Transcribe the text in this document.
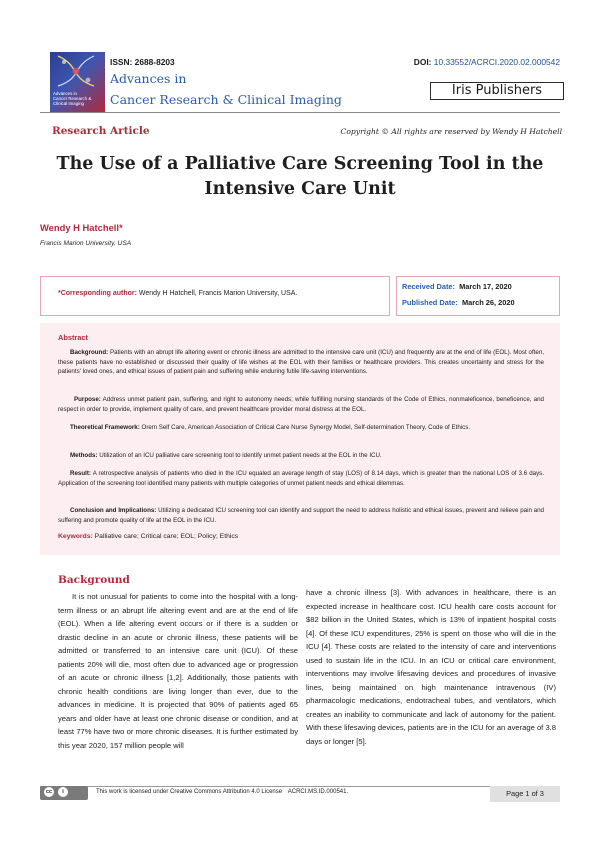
Advances in
Cancer Research &
Clinical Imaging
ISSN: 2688-8203	DOI: 10.33552/ACRCI.2020.02.000542
Advances in
Cancer Research & Clinical Imaging
Iris Publishers
Research Article	Copyright © All rights are reserved by Wendy H Hatchell
The Use of a Palliative Care Screening Tool in the
Intensive Care Unit
Wendy H Hatchell*
Francis Marion University, USA
*Corresponding author: Wendy H Hatchell, Francis Marion University, USA.
Received Date: March 17, 2020
Published Date: March 26, 2020
Abstract
Background: Patients with an abrupt life altering event or chronic illness are admitted to the intensive care unit (ICU) and frequently are at the end of life (EOL). Most often, these patients have no established or discussed their quality of life wishes at the EOL with their families or healthcare providers. This creates uncertainty and stress for the patients' loved ones, and ethical issues of patient pain and suffering while enduring futile life-saving interventions.
Purpose: Address unmet patient pain, suffering, and right to autonomy needs; while fulfilling nursing standards of the Code of Ethics, nonmaleficence, beneficence, and respect in order to provide, implement quality of care, and prevent healthcare provider moral distress at the EOL.
Theoretical Framework: Orem Self Care, American Association of Critical Care Nurse Synergy Model, Self-determination Theory, Code of Ethics.
Methods: Utilization of an ICU palliative care screening tool to identify unmet patient needs at the EOL in the ICU.
Result: A retrospective analysis of patients who died in the ICU equaled an average length of stay (LOS) of 8.14 days, which is greater than the national LOS of 3.6 days. Application of the screening tool identified many patients with multiple categories of unmet patient needs and ethical dilemmas.
Conclusion and Implications: Utilizing a dedicated ICU screening tool can identify and support the need to address holistic and ethical issues, prevent and relieve pain and suffering and promote quality of life at the EOL in the ICU.
Keywords: Palliative care; Critical care; EOL; Policy; Ethics
Background

It is not unusual for patients to come into the hospital with a long-term illness or an abrupt life altering event and are at the end of life (EOL). When a life altering event occurs or if there is a sudden or drastic decline in an acute or chronic illness, these patients will be admitted or transferred to an intensive care unit (ICU). Of these patients 20% will die, most often due to advanced age or progression of an acute or chronic illness [1,2]. Additionally, those patients with chronic health conditions are living longer than ever, due to the advances in medicine. It is projected that 90% of patients aged 65 years and older have at least one chronic disease or condition, and at least 77% have two or more chronic diseases. It is further estimated by this year 2020, 157 million people will

have a chronic illness [3]. With advances in healthcare, there is an expected increase in healthcare cost. ICU health care costs account for $82 billion in the United States, which is 13% of inpatient hospital costs [4]. Of these ICU expenditures, 25% is spent on those who will die in the ICU [4]. These costs are related to the intensity of care and interventions used to sustain life in the ICU. In an ICU or critical care environment, interventions may involve lifesaving devices and procedures of invasive lines, being maintained on high maintenance intravenous (IV) pharmacologic medications, endotracheal tubes, and ventilators, which creates an inability to communicate and lack of autonomy for the patient. With these lifesaving devices, patients are in the ICU for an average of 3.8 days or longer [5].

cc	i	This work is licensed under Creative Commons Attribution 4.0 License ACRCI.MS.ID.000541.	Page 1 of 3
